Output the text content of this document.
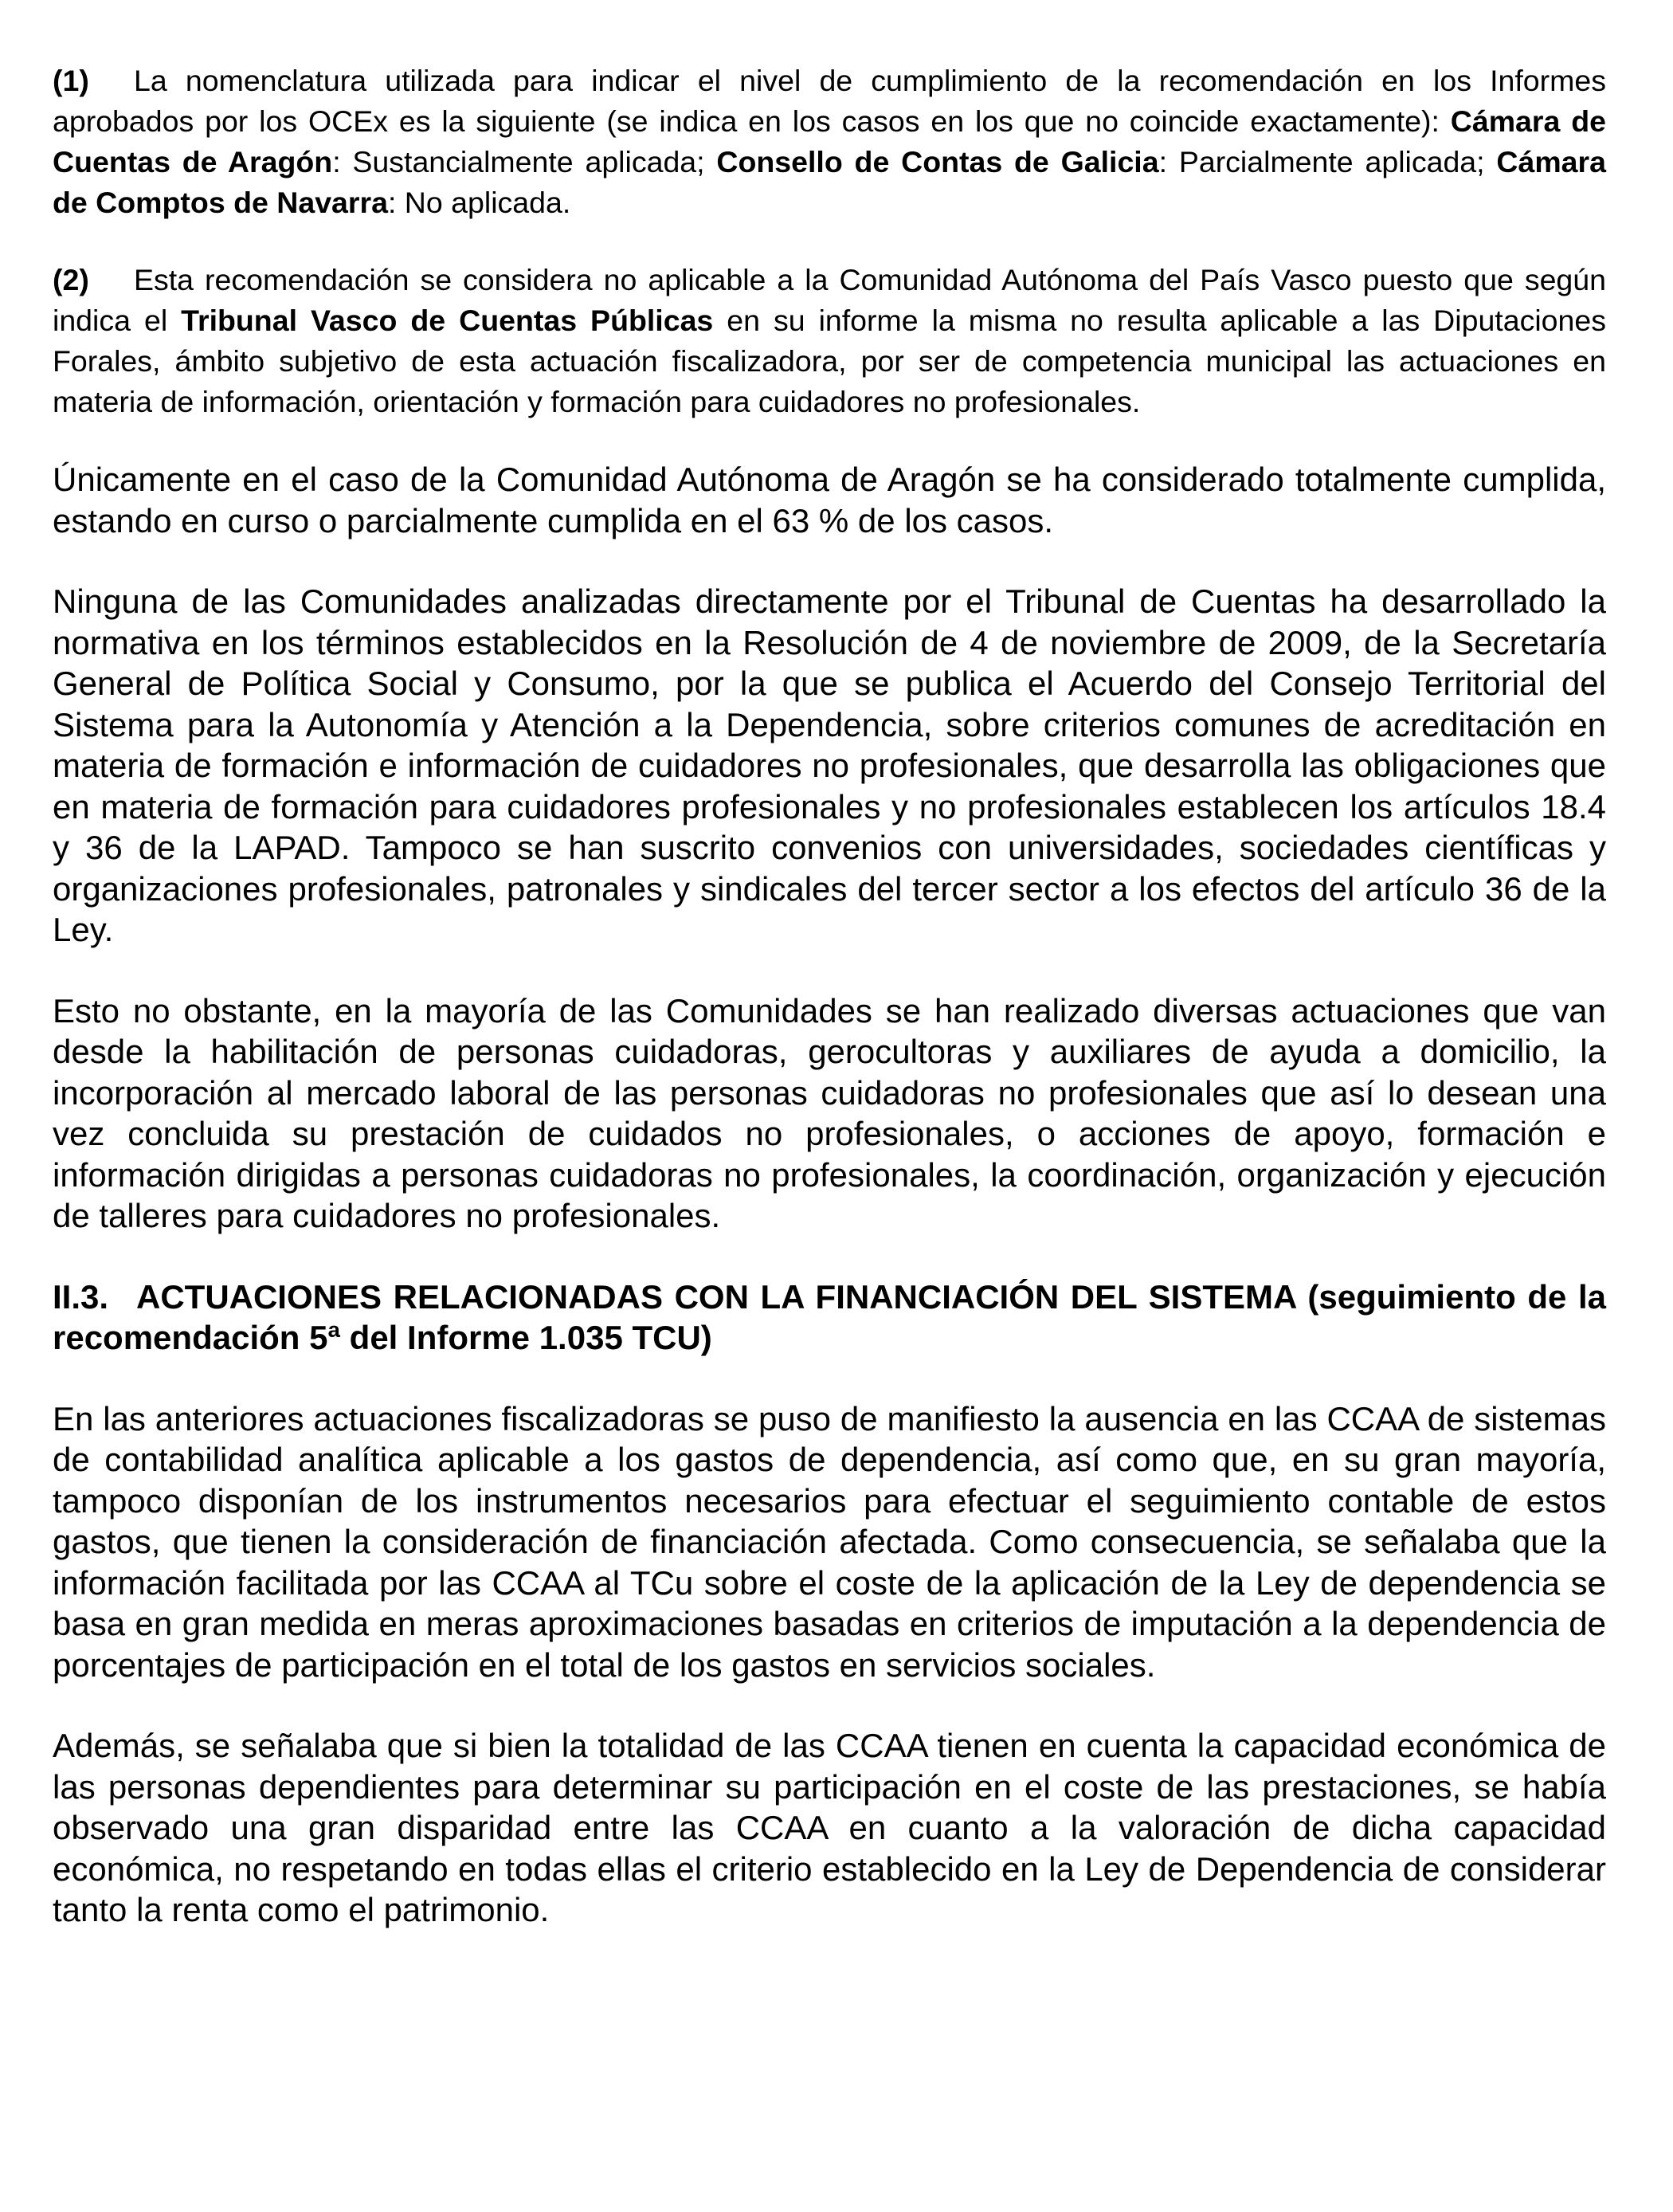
(1) La nomenclatura utilizada para indicar el nivel de cumplimiento de la recomendación en los Informes aprobados por los OCEx es la siguiente (se indica en los casos en los que no coincide exactamente): Cámara de Cuentas de Aragón: Sustancialmente aplicada; Consello de Contas de Galicia: Parcialmente aplicada; Cámara de Comptos de Navarra: No aplicada.

(2) Esta recomendación se considera no aplicable a la Comunidad Autónoma del País Vasco puesto que según indica el Tribunal Vasco de Cuentas Públicas en su informe la misma no resulta aplicable a las Diputaciones Forales, ámbito subjetivo de esta actuación fiscalizadora, por ser de competencia municipal las actuaciones en materia de información, orientación y formación para cuidadores no profesionales.

Únicamente en el caso de la Comunidad Autónoma de Aragón se ha considerado totalmente cumplida, estando en curso o parcialmente cumplida en el 63 % de los casos.

Ninguna de las Comunidades analizadas directamente por el Tribunal de Cuentas ha desarrollado la normativa en los términos establecidos en la Resolución de 4 de noviembre de 2009, de la Secretaría General de Política Social y Consumo, por la que se publica el Acuerdo del Consejo Territorial del Sistema para la Autonomía y Atención a la Dependencia, sobre criterios comunes de acreditación en materia de formación e información de cuidadores no profesionales, que desarrolla las obligaciones que en materia de formación para cuidadores profesionales y no profesionales establecen los artículos 18.4 y 36 de la LAPAD. Tampoco se han suscrito convenios con universidades, sociedades científicas y organizaciones profesionales, patronales y sindicales del tercer sector a los efectos del artículo 36 de la Ley.

Esto no obstante, en la mayoría de las Comunidades se han realizado diversas actuaciones que van desde la habilitación de personas cuidadoras, gerocultoras y auxiliares de ayuda a domicilio, la incorporación al mercado laboral de las personas cuidadoras no profesionales que así lo desean una vez concluida su prestación de cuidados no profesionales, o acciones de apoyo, formación e información dirigidas a personas cuidadoras no profesionales, la coordinación, organización y ejecución de talleres para cuidadores no profesionales.

II.3. ACTUACIONES RELACIONADAS CON LA FINANCIACIÓN DEL SISTEMA (seguimiento de la recomendación 5ª del Informe 1.035 TCU)

En las anteriores actuaciones fiscalizadoras se puso de manifiesto la ausencia en las CCAA de sistemas de contabilidad analítica aplicable a los gastos de dependencia, así como que, en su gran mayoría, tampoco disponían de los instrumentos necesarios para efectuar el seguimiento contable de estos gastos, que tienen la consideración de financiación afectada. Como consecuencia, se señalaba que la información facilitada por las CCAA al TCu sobre el coste de la aplicación de la Ley de dependencia se basa en gran medida en meras aproximaciones basadas en criterios de imputación a la dependencia de porcentajes de participación en el total de los gastos en servicios sociales.

Además, se señalaba que si bien la totalidad de las CCAA tienen en cuenta la capacidad económica de las personas dependientes para determinar su participación en el coste de las prestaciones, se había observado una gran disparidad entre las CCAA en cuanto a la valoración de dicha capacidad económica, no respetando en todas ellas el criterio establecido en la Ley de Dependencia de considerar tanto la renta como el patrimonio.
